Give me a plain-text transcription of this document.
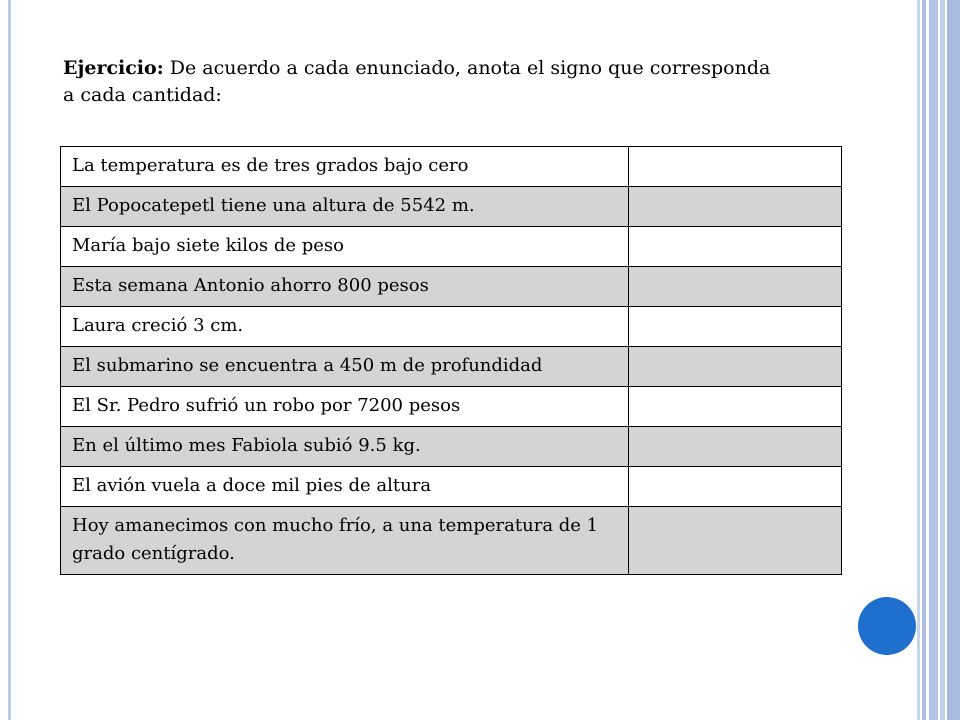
Ejercicio: De acuerdo a cada enunciado, anota el signo que corresponda a cada cantidad:
La temperatura es de tres grados bajo cero	
El Popocatepetl tiene una altura de 5542 m.	
María bajo siete kilos de peso	
Esta semana Antonio ahorro 800 pesos	
Laura creció 3 cm.	
El submarino se encuentra a 450 m de profundidad	
El Sr. Pedro sufrió un robo por 7200 pesos	
En el último mes Fabiola subió 9.5 kg.	
El avión vuela a doce mil pies de altura	
Hoy amanecimos con mucho frío, a una temperatura de 1 grado centígrado.	
